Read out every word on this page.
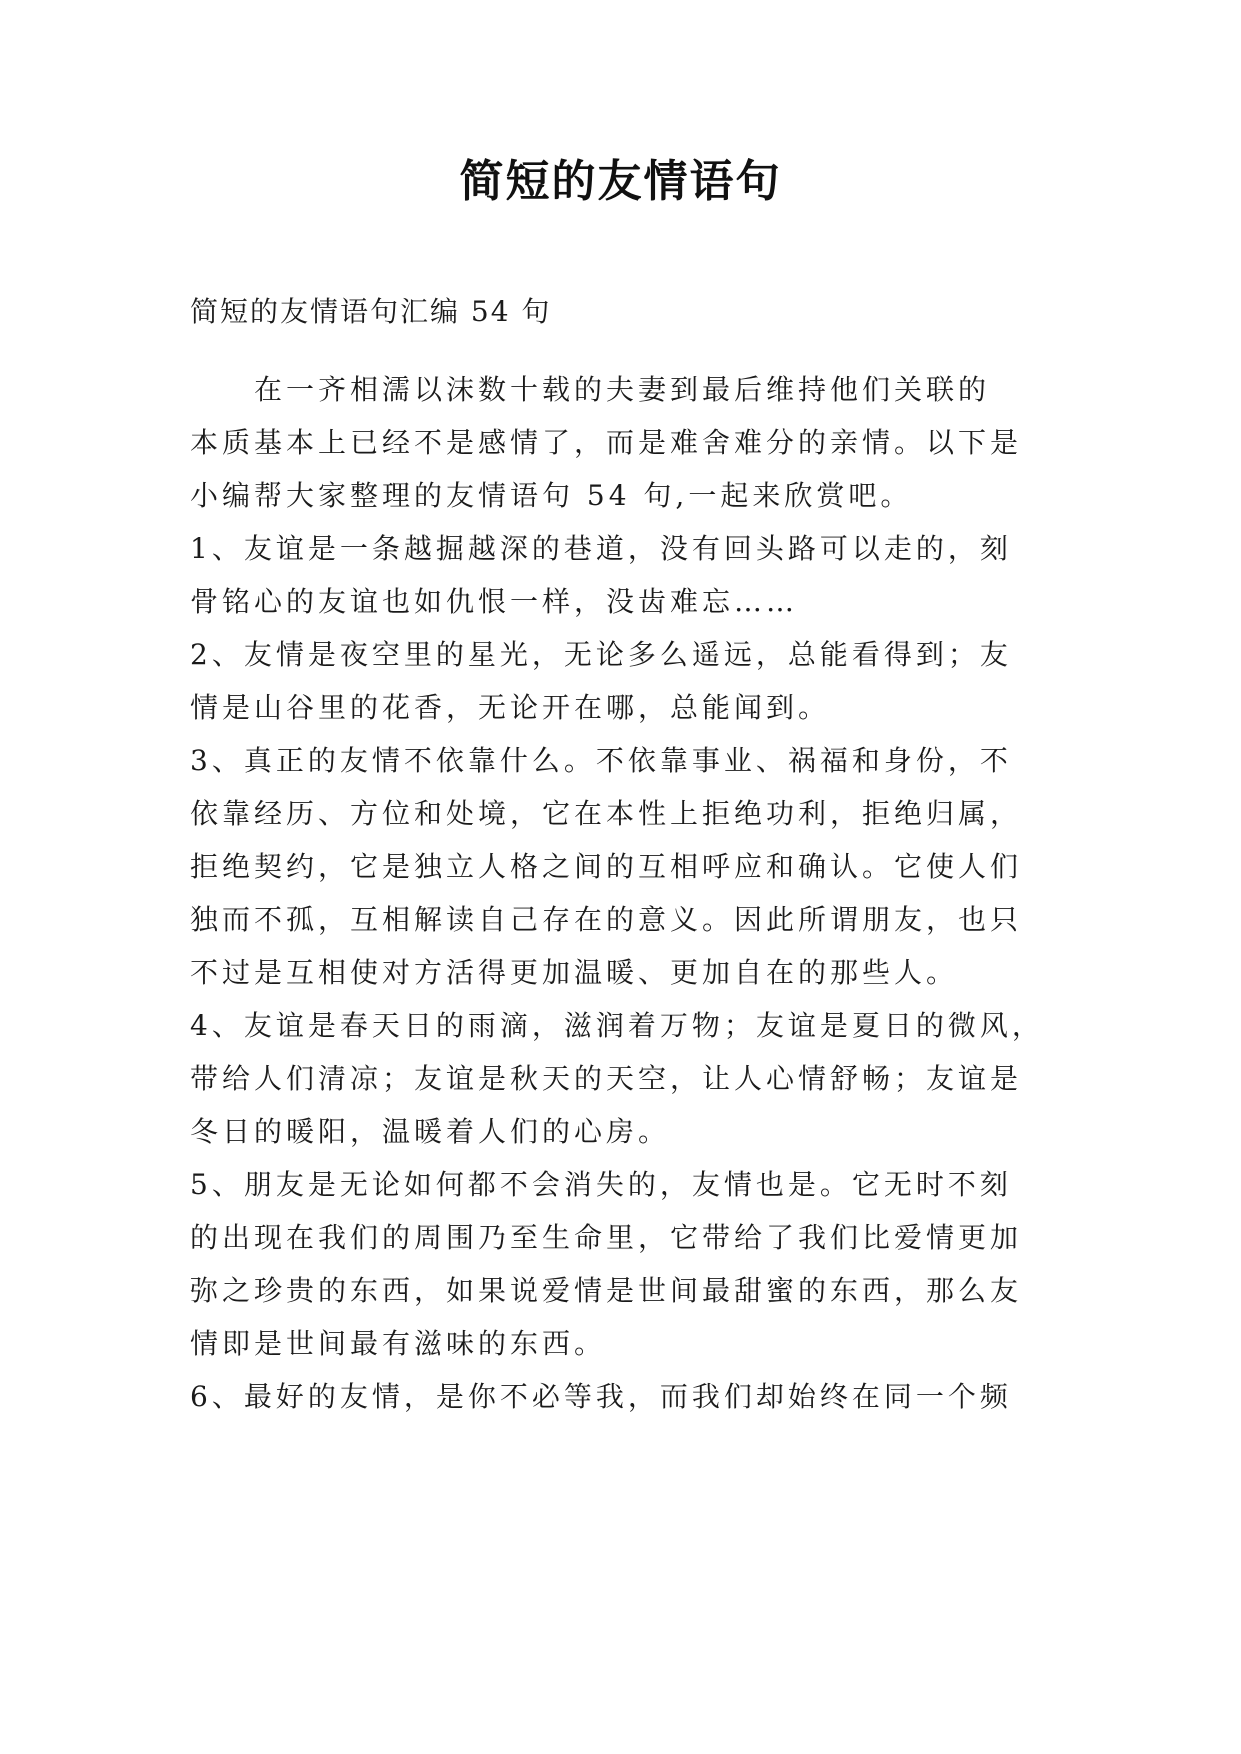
简短的友情语句
简短的友情语句汇编 54 句
　　在一齐相濡以沫数十载的夫妻到最后维持他们关联的
本质基本上已经不是感情了，而是难舍难分的亲情。以下是
小编帮大家整理的友情语句 54 句,一起来欣赏吧。
1、友谊是一条越掘越深的巷道，没有回头路可以走的，刻
骨铭心的友谊也如仇恨一样，没齿难忘……
2、友情是夜空里的星光，无论多么遥远，总能看得到；友
情是山谷里的花香，无论开在哪，总能闻到。
3、真正的友情不依靠什么。不依靠事业、祸福和身份，不
依靠经历、方位和处境，它在本性上拒绝功利，拒绝归属，
拒绝契约，它是独立人格之间的互相呼应和确认。它使人们
独而不孤，互相解读自己存在的意义。因此所谓朋友，也只
不过是互相使对方活得更加温暖、更加自在的那些人。
4、友谊是春天日的雨滴，滋润着万物；友谊是夏日的微风，
带给人们清凉；友谊是秋天的天空，让人心情舒畅；友谊是
冬日的暖阳，温暖着人们的心房。
5、朋友是无论如何都不会消失的，友情也是。它无时不刻
的出现在我们的周围乃至生命里，它带给了我们比爱情更加
弥之珍贵的东西，如果说爱情是世间最甜蜜的东西，那么友
情即是世间最有滋味的东西。
6、最好的友情，是你不必等我，而我们却始终在同一个频
